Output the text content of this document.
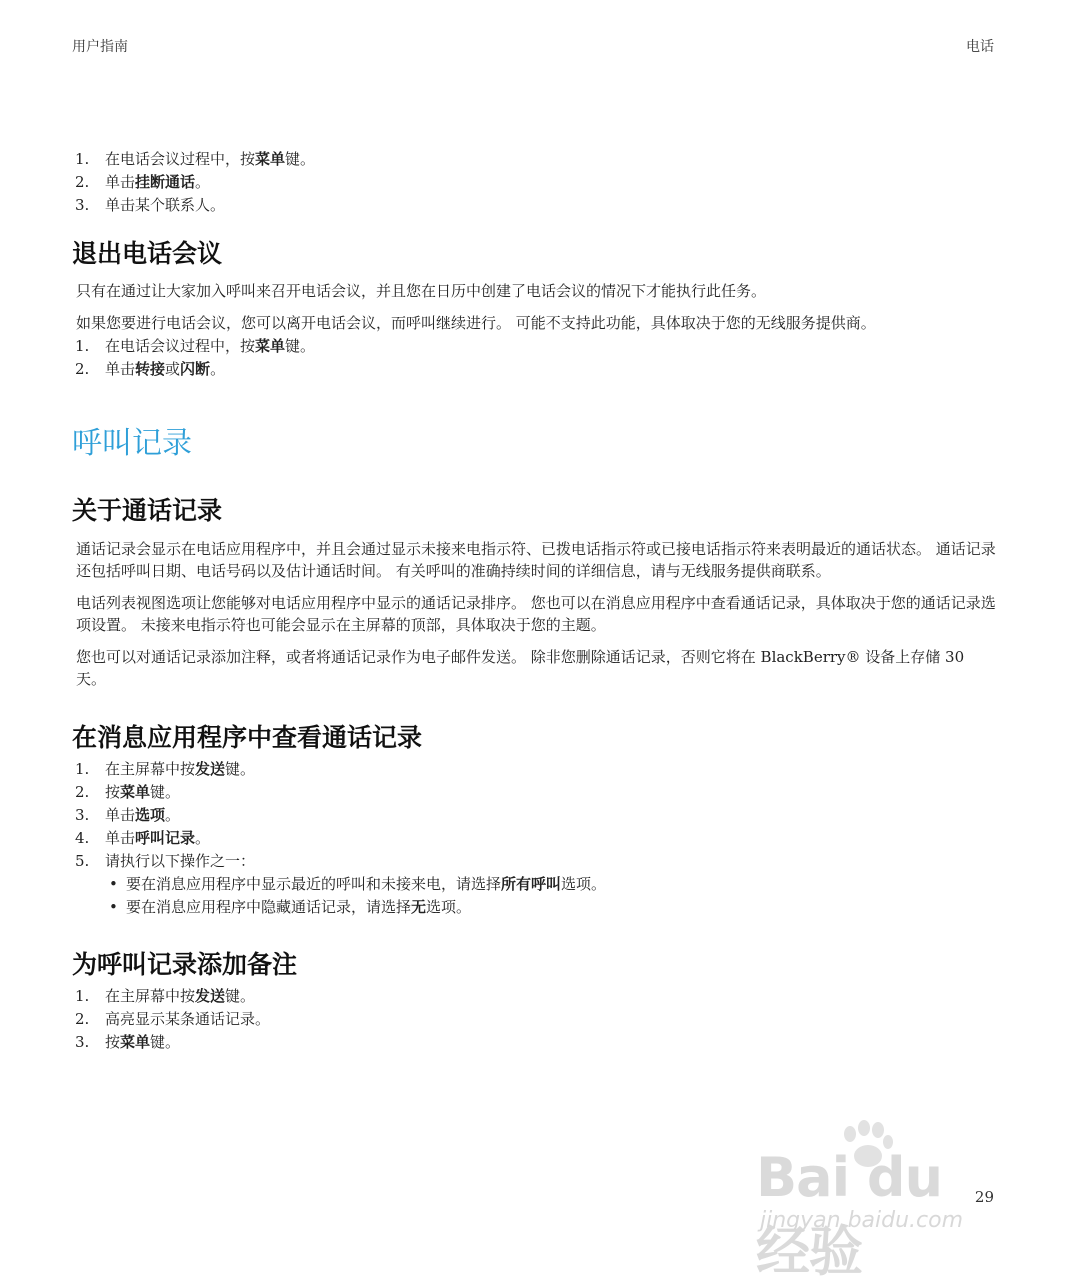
用户指南	电话
1. 在电话会议过程中，按菜单键。
2. 单击挂断通话。
3. 单击某个联系人。
退出电话会议

只有在通过让大家加入呼叫来召开电话会议，并且您在日历中创建了电话会议的情况下才能执行此任务。

如果您要进行电话会议，您可以离开电话会议，而呼叫继续进行。 可能不支持此功能，具体取决于您的无线服务提供商。

1. 在电话会议过程中，按菜单键。
2. 单击转接或闪断。
呼叫记录
关于通话记录

通话记录会显示在电话应用程序中，并且会通过显示未接来电指示符、已拨电话指示符或已接电话指示符来表明最近的通话状态。 通话记录还包括呼叫日期、电话号码以及估计通话时间。 有关呼叫的准确持续时间的详细信息，请与无线服务提供商联系。

电话列表视图选项让您能够对电话应用程序中显示的通话记录排序。 您也可以在消息应用程序中查看通话记录，具体取决于您的通话记录选项设置。 未接来电指示符也可能会显示在主屏幕的顶部，具体取决于您的主题。

您也可以对通话记录添加注释，或者将通话记录作为电子邮件发送。 除非您删除通话记录，否则它将在 BlackBerry® 设备上存储 30 天。

在消息应用程序中查看通话记录
1. 在主屏幕中按发送键。
2. 按菜单键。
3. 单击选项。
4. 单击呼叫记录。
5. 请执行以下操作之一：
• 要在消息应用程序中显示最近的呼叫和未接来电，请选择所有呼叫选项。
• 要在消息应用程序中隐藏通话记录，请选择无选项。
为呼叫记录添加备注
1. 在主屏幕中按发送键。
2. 高亮显示某条通话记录。
3. 按菜单键。
Bai du 经验
jingyan.baidu.com
29
